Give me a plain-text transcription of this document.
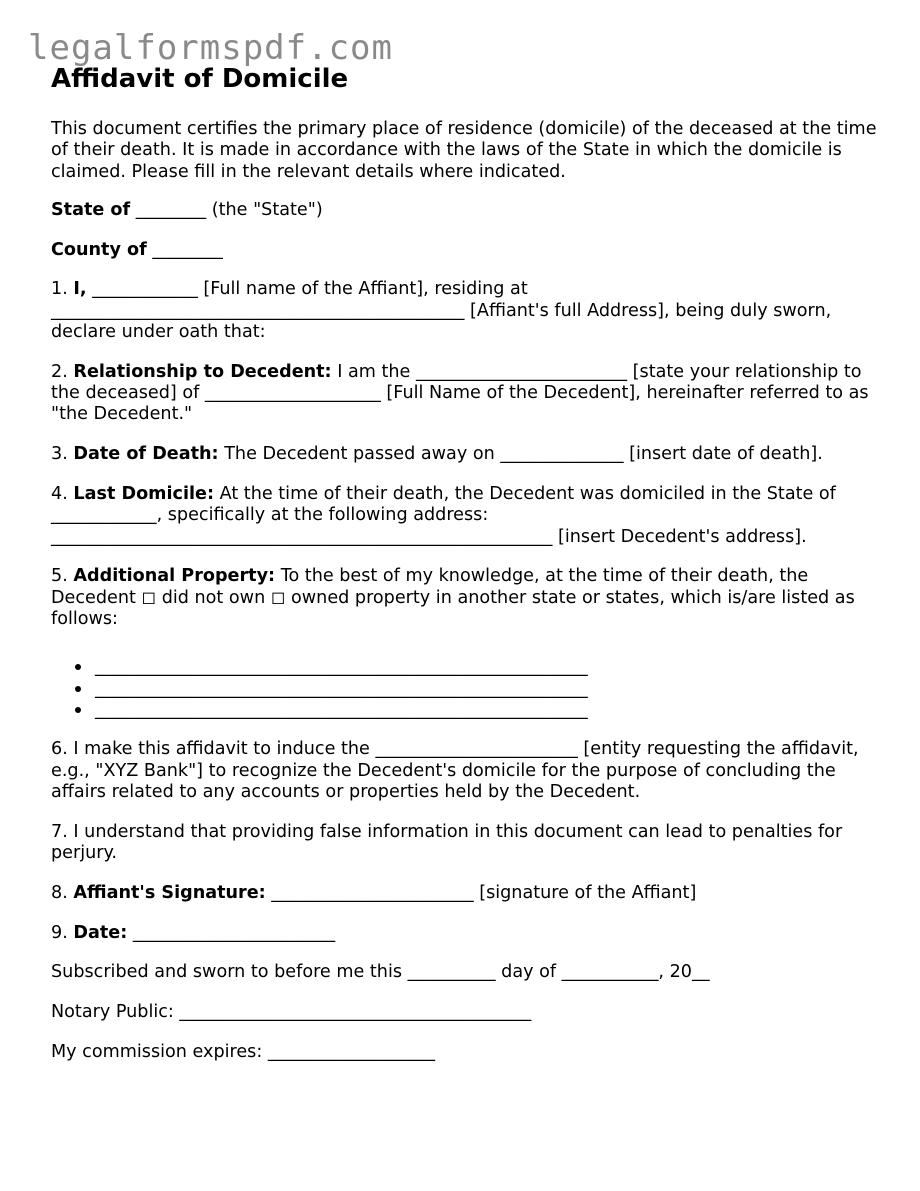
legalformspdf.com
Affidavit of Domicile

This document certifies the primary place of residence (domicile) of the deceased at the time of their death. It is made in accordance with the laws of the State in which the domicile is claimed. Please fill in the relevant details where indicated.

State of ________ (the "State")

County of ________

1. I, ____________ [Full name of the Affiant], residing at _______________________________________________ [Affiant's full Address], being duly sworn, declare under oath that:

2. Relationship to Decedent: I am the ________________________ [state your relationship to the deceased] of ____________________ [Full Name of the Decedent], hereinafter referred to as "the Decedent."

3. Date of Death: The Decedent passed away on ______________ [insert date of death].

4. Last Domicile: At the time of their death, the Decedent was domiciled in the State of ____________, specifically at the following address: _________________________________________________________ [insert Decedent's address].

5. Additional Property: To the best of my knowledge, at the time of their death, the Decedent ◻ did not own ◻ owned property in another state or states, which is/are listed as follows:

________________________________________________________
________________________________________________________
________________________________________________________

6. I make this affidavit to induce the _______________________ [entity requesting the affidavit, e.g., "XYZ Bank"] to recognize the Decedent's domicile for the purpose of concluding the affairs related to any accounts or properties held by the Decedent.

7. I understand that providing false information in this document can lead to penalties for perjury.

8. Affiant's Signature: _______________________ [signature of the Affiant]

9. Date: _______________________

Subscribed and sworn to before me this __________ day of ___________, 20__

Notary Public: ________________________________________

My commission expires: ___________________
